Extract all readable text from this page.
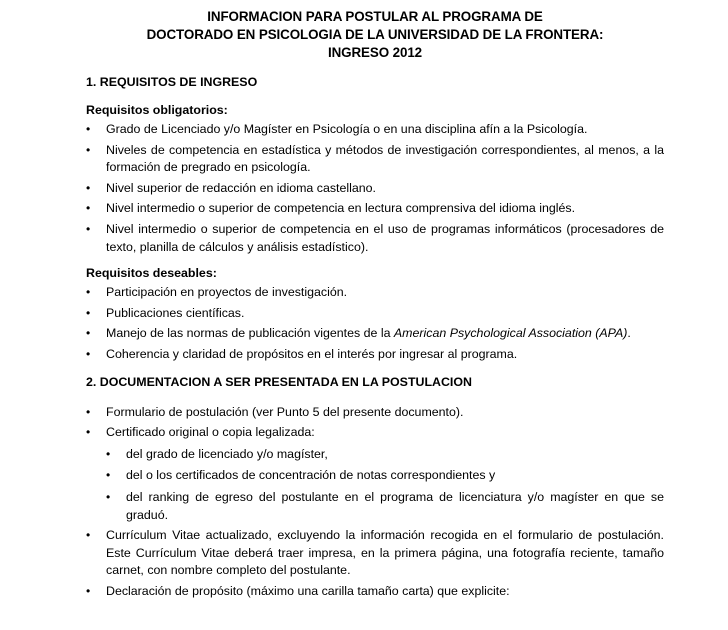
INFORMACION PARA POSTULAR AL PROGRAMA DE
DOCTORADO EN PSICOLOGIA DE LA UNIVERSIDAD DE LA FRONTERA:
INGRESO 2012
1. REQUISITOS DE INGRESO
Requisitos obligatorios:
• Grado de Licenciado y/o Magíster en Psicología o en una disciplina afín a la Psicología.
• Niveles de competencia en estadística y métodos de investigación correspondientes, al menos, a la formación de pregrado en psicología.
• Nivel superior de redacción en idioma castellano.
• Nivel intermedio o superior de competencia en lectura comprensiva del idioma inglés.
• Nivel intermedio o superior de competencia en el uso de programas informáticos (procesadores de texto, planilla de cálculos y análisis estadístico).
Requisitos deseables:
• Participación en proyectos de investigación.
• Publicaciones científicas.
• Manejo de las normas de publicación vigentes de la American Psychological Association (APA).
• Coherencia y claridad de propósitos en el interés por ingresar al programa.
2. DOCUMENTACION A SER PRESENTADA EN LA POSTULACION
• Formulario de postulación (ver Punto 5 del presente documento).
• Certificado original o copia legalizada:
• del grado de licenciado y/o magíster,
• del o los certificados de concentración de notas correspondientes y
• del ranking de egreso del postulante en el programa de licenciatura y/o magíster en que se graduó.
• Currículum Vitae actualizado, excluyendo la información recogida en el formulario de postulación. Este Currículum Vitae deberá traer impresa, en la primera página, una fotografía reciente, tamaño carnet, con nombre completo del postulante.
• Declaración de propósito (máximo una carilla tamaño carta) que explicite:
